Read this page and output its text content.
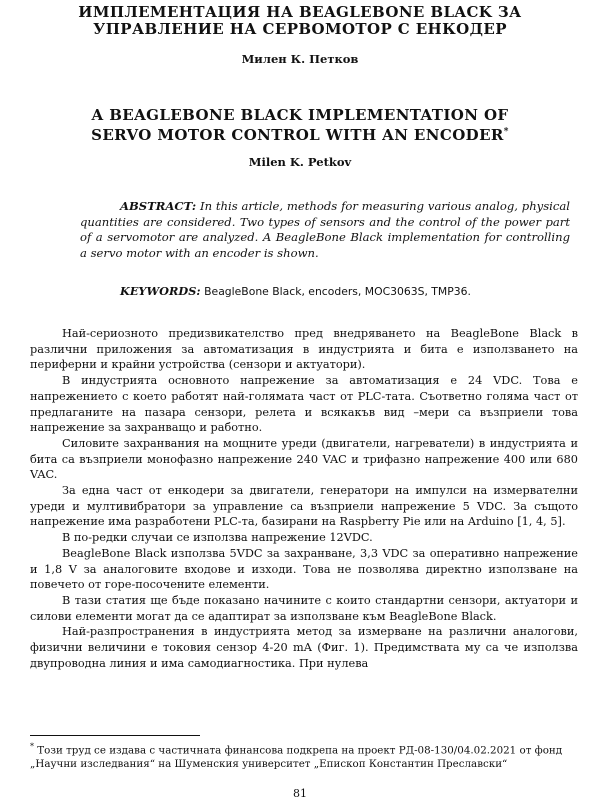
ИМПЛЕМЕНТАЦИЯ НА BEAGLEBONE BLACK ЗА
УПРАВЛЕНИЕ НА СЕРВОМОТОР С ЕНКОДЕР
Милен К. Петков
A BEAGLEBONE BLACK IMPLEMENTATION OF
SERVO MOTOR CONTROL WITH AN ENCODER*
Milen K. Petkov
ABSTRACT: In this article, methods for measuring various analog, physical quantities are considered. Two types of sensors and the control of the power part of a servomotor are analyzed. A BeagleBone Black implementation for controlling a servo motor with an encoder is shown.
KEYWORDS: BeagleBone Black, encoders, MOC3063S, TMP36.

Най-сериозното предизвикателство пред внедряването на BeagleBone Black в различни приложения за автоматизация в индустрията и бита е използването на периферни и крайни устройства (сензори и актуатори).

В индустрията основното напрежение за автоматизация е 24 VDC. Това е напрежението с което работят най-голямата част от PLC-тата. Съответно голяма част от предлаганите на пазара сензори, релета и всякакъв вид –мери са възприели това напрежение за захранващо и работно.

Силовите захранвания на мощните уреди (двигатели, нагреватели) в индустрията и бита са възприели монофазно напрежение 240 VAC и трифазно напрежение 400 или 680 VAC.

За една част от енкодери за двигатели, генератори на импулси на измервателни уреди и мултивибратори за управление са възприели напрежение 5 VDC. За същото напрежение има разработени PLC-та, базирани на Raspberry Pie или на Arduino [1, 4, 5].

В по-редки случаи се използва напрежение 12VDC.

BeagleBone Black използва 5VDC за захранване, 3,3 VDC за оперативно напрежение и 1,8 V за аналоговите входове и изходи. Това не позволява директно използване на повечето от горе-посочените елементи.

В тази статия ще бъде показано начините с които стандартни сензори, актуатори и силови елементи могат да се адаптират за използване към BeagleBone Black.

Най-разпространения в индустрията метод за измерване на различни аналогови, физични величини е токовия сензор 4-20 mA (Фиг. 1). Предимствата му са че използва двупроводна линия и има самодиагностика. При нулева

* Този труд се издава с частичната финансова подкрепа на проект РД-08-130/04.02.2021 от фонд „Научни изследвания“ на Шуменския университет „Епископ Константин Преславски“
81
